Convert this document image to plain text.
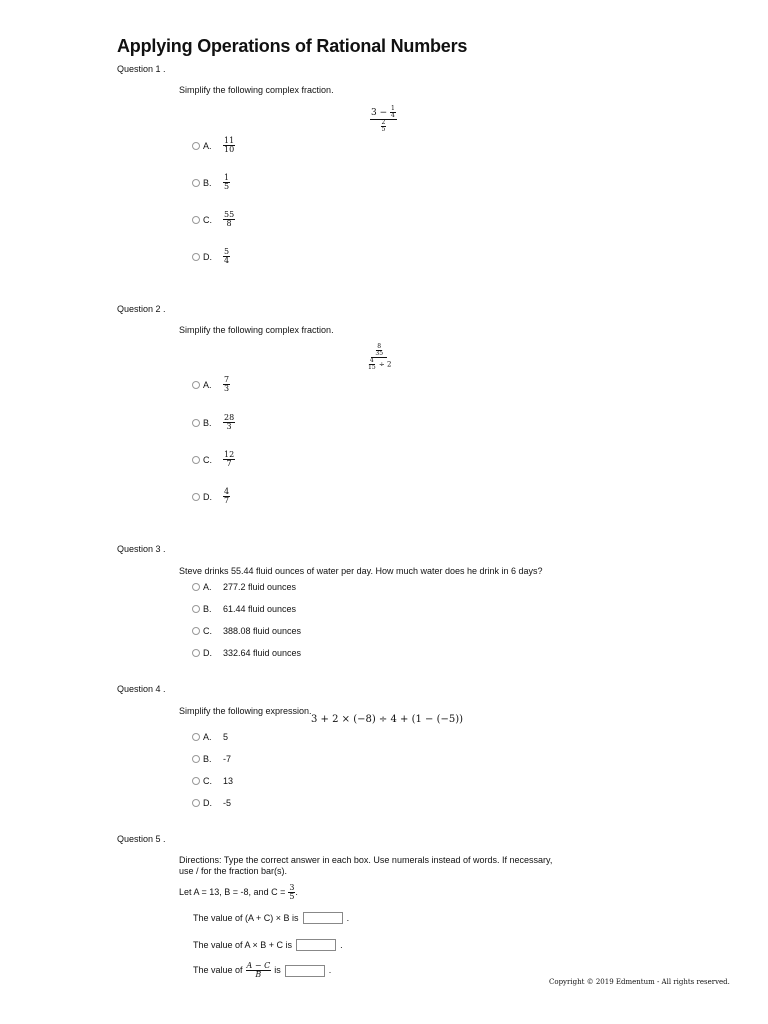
Applying Operations of Rational Numbers
Question 1 .
Simplify the following complex fraction.
$\frac{3 - \frac{1}{4}}{\frac{2}{5}}$
A.	$\frac{11}{10}$
B.	$\frac{1}{5}$
C.	$\frac{55}{8}$
D.	$\frac{5}{4}$
Question 2 .
Simplify the following complex fraction.
$\frac{\frac{8}{35}}{\frac{4}{15} \div 2}$
A.	$\frac{7}{3}$
B.	$\frac{28}{3}$
C.	$\frac{12}{7}$
D.	$\frac{4}{7}$
Question 3 .
Steve drinks 55.44 fluid ounces of water per day. How much water does he drink in 6 days?
A.	277.2 fluid ounces
B.	61.44 fluid ounces
C.	388.08 fluid ounces
D.	332.64 fluid ounces
Question 4 .
Simplify the following expression.
3 + 2 × (−8) ÷ 4 + (1 − (−5))
A.	5
B.	-7
C.	13
D.	-5
Question 5 .
Directions: Type the correct answer in each box. Use numerals instead of words. If necessary,
use / for the fraction bar(s).
Let A = 13, B = -8, and $C = \frac{3}{5}$ .
The value of (A + C) × B is	.
The value of A × B + C is	.
The value of $\frac{A - C}{B}$ is	.
Copyright © 2019 Edmentum - All rights reserved.
